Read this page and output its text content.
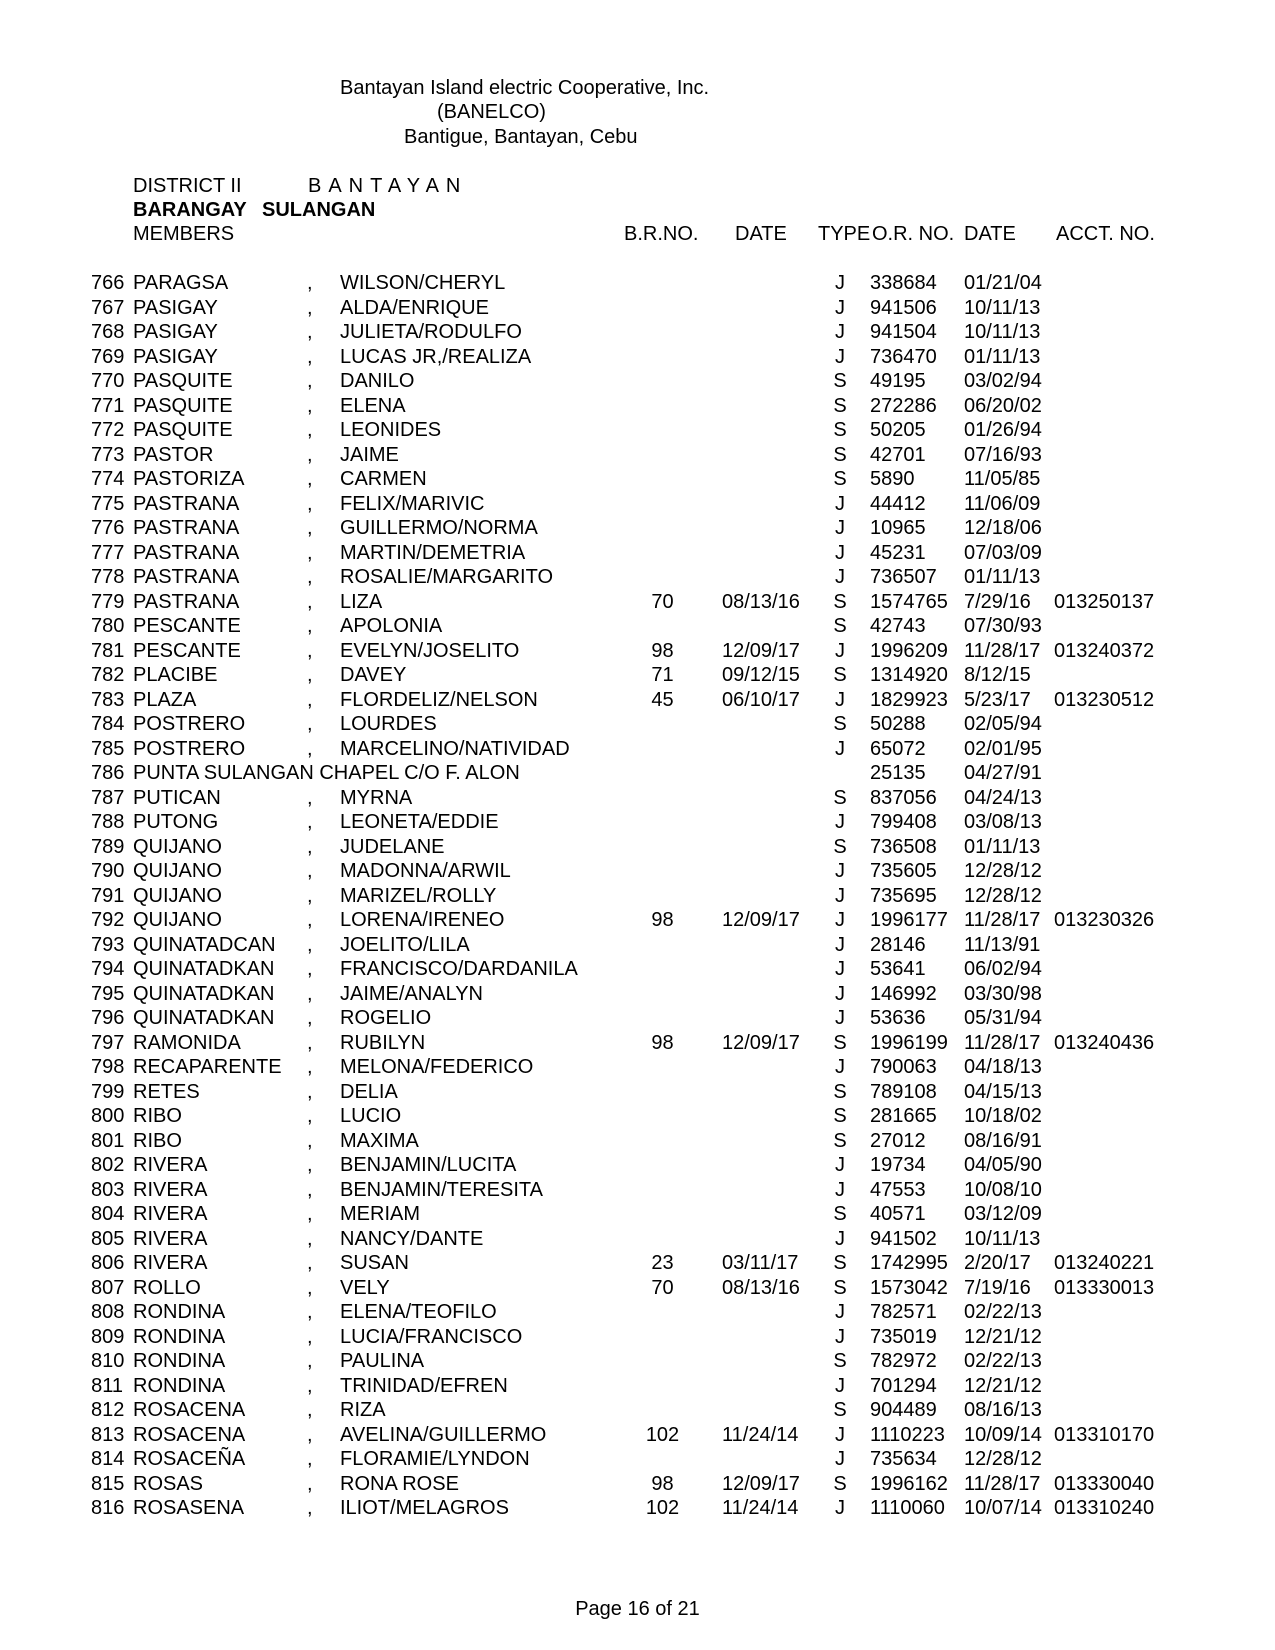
Bantayan Island electric Cooperative, Inc.
(BANELCO)
Bantigue, Bantayan, Cebu
DISTRICT II	BANTAYAN
BARANGAY SULANGAN
MEMBERS	B.R.NO. DATE TYPE O.R. NO. DATE ACCT. NO.
766 PARAGSA	, WILSON/CHERYL	J 338684 01/21/04
767 PASIGAY	, ALDA/ENRIQUE	J 941506 10/11/13
768 PASIGAY	, JULIETA/RODULFO	J 941504 10/11/13
769 PASIGAY	, LUCAS JR,/REALIZA	J 736470 01/11/13
770 PASQUITE	, DANILO	S 49195 03/02/94
771 PASQUITE	, ELENA	S 272286 06/20/02
772 PASQUITE	, LEONIDES	S 50205 01/26/94
773 PASTOR	, JAIME	S 42701 07/16/93
774 PASTORIZA	, CARMEN	S 5890 11/05/85
775 PASTRANA	, FELIX/MARIVIC	J 44412 11/06/09
776 PASTRANA	, GUILLERMO/NORMA	J 10965 12/18/06
777 PASTRANA	, MARTIN/DEMETRIA	J 45231 07/03/09
778 PASTRANA	, ROSALIE/MARGARITO	J 736507 01/11/13
779 PASTRANA	, LIZA	70	08/13/16 S 1574765 7/29/16 013250137
780 PESCANTE	, APOLONIA	S 42743 07/30/93
781 PESCANTE	, EVELYN/JOSELITO	98	12/09/17 J 1996209 11/28/17 013240372
782 PLACIBE	, DAVEY	71	09/12/15 S 1314920 8/12/15
783 PLAZA	, FLORDELIZ/NELSON	45	06/10/17 J 1829923 5/23/17 013230512
784 POSTRERO	, LOURDES	S 50288 02/05/94
785 POSTRERO	, MARCELINO/NATIVIDAD	J 65072 02/01/95
786 PUNTA SULANGAN CHAPEL C/O F. ALON	25135 04/27/91
787 PUTICAN	, MYRNA	S 837056 04/24/13
788 PUTONG	, LEONETA/EDDIE	J 799408 03/08/13
789 QUIJANO	, JUDELANE	S 736508 01/11/13
790 QUIJANO	, MADONNA/ARWIL	J 735605 12/28/12
791 QUIJANO	, MARIZEL/ROLLY	J 735695 12/28/12
792 QUIJANO	, LORENA/IRENEO	98	12/09/17 J 1996177 11/28/17 013230326
793 QUINATADCAN , JOELITO/LILA	J 28146 11/13/91
794 QUINATADKAN , FRANCISCO/DARDANILA	J 53641 06/02/94
795 QUINATADKAN , JAIME/ANALYN	J 146992 03/30/98
796 QUINATADKAN , ROGELIO	J 53636 05/31/94
797 RAMONIDA	, RUBILYN	98	12/09/17 S 1996199 11/28/17 013240436
798 RECAPARENTE , MELONA/FEDERICO	J 790063 04/18/13
799 RETES	, DELIA	S 789108 04/15/13
800 RIBO	, LUCIO	S 281665 10/18/02
801 RIBO	, MAXIMA	S 27012 08/16/91
802 RIVERA	, BENJAMIN/LUCITA	J 19734 04/05/90
803 RIVERA	, BENJAMIN/TERESITA	J 47553 10/08/10
804 RIVERA	, MERIAM	S 40571 03/12/09
805 RIVERA	, NANCY/DANTE	J 941502 10/11/13
806 RIVERA	, SUSAN	23	03/11/17 S 1742995 2/20/17 013240221
807 ROLLO	, VELY	70	08/13/16 S 1573042 7/19/16 013330013
808 RONDINA	, ELENA/TEOFILO	J 782571 02/22/13
809 RONDINA	, LUCIA/FRANCISCO	J 735019 12/21/12
810 RONDINA	, PAULINA	S 782972 02/22/13
811 RONDINA	, TRINIDAD/EFREN	J 701294 12/21/12
812 ROSACENA	, RIZA	S 904489 08/16/13
813 ROSACENA	, AVELINA/GUILLERMO	102 11/24/14 J 1110223 10/09/14 013310170
814 ROSACEÑA	, FLORAMIE/LYNDON	J 735634 12/28/12
815 ROSAS	, RONA ROSE	98	12/09/17 S 1996162 11/28/17 013330040
816 ROSASENA	, ILIOT/MELAGROS	102 11/24/14 J 1110060 10/07/14 013310240
Page 16 of 21
